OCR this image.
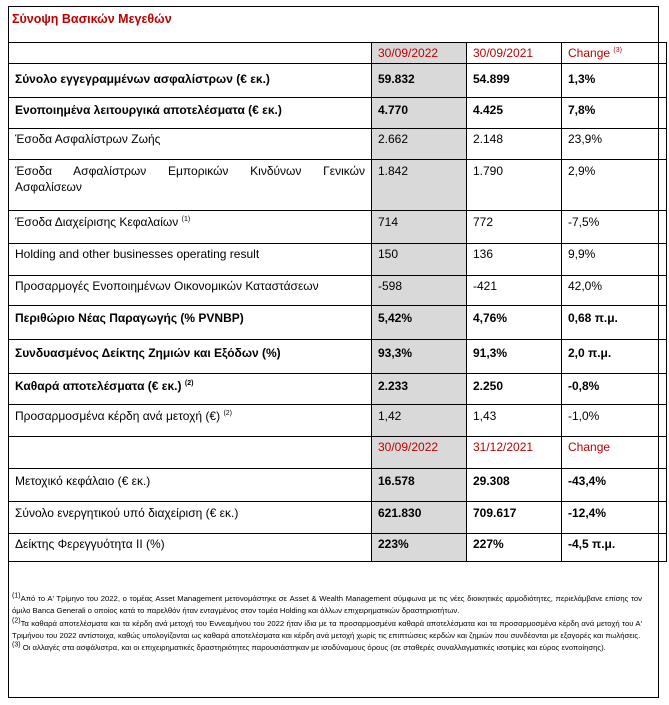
Σύνοψη Βασικών Μεγεθών
	30/09/2022	30/09/2021	Change $^{(3)}$
Σύνολο εγγεγραμμένων ασφαλίστρων (€ εκ.)	59.832	54.899	1,3%
Ενοποιημένα λειτουργικά αποτελέσματα (€ εκ.)	4.770	4.425	7,8%
Έσοδα Ασφαλίστρων Ζωής	2.662	2.148	23,9%

Έσοδα Ασφαλίστρων Εμπορικών Κινδύνων Γενικών
Ασφαλίσεων	1.842	1.790	2,9%
Έσοδα Διαχείρισης Κεφαλαίων $^{(1)}$	714	772	-7,5%
Holding and other businesses operating result	150	136	9,9%
Προσαρμογές Ενοποιημένων Οικονομικών Καταστάσεων	-598	-421	42,0%
Περιθώριο Νέας Παραγωγής (% PVNBP)	5,42%	4,76%	0,68 π.μ.
Συνδυασμένος Δείκτης Ζημιών και Εξόδων (%)	93,3%	91,3%	2,0 π.μ.
Καθαρά αποτελέσματα (€ εκ.) $^{(2)}$	2.233	2.250	-0,8%
Προσαρμοσμένα κέρδη ανά μετοχή (€) $^{(2)}$	1,42	1,43	-1,0%
	30/09/2022	31/12/2021	Change
Μετοχικό κεφάλαιο (€ εκ.)	16.578	29.308	-43,4%
Σύνολο ενεργητικού υπό διαχείριση (€ εκ.)	621.830	709.617	-12,4%
Δείκτης Φερεγγυότητα II (%)	223%	227%	-4,5 π.μ.

$^{(1)}$Από το Α' Τρίμηνο του 2022, ο τομέας Asset Management μετονομάστηκε σε Asset & Wealth Management σύμφωνα με τις νέες διοικητικές αρμοδιότητες, περιελάμβανε επίσης τον όμιλο Banca Generali ο οποίος κατά το παρελθόν ήταν ενταγμένος στον τομέα Holding και άλλων επιχειρηματικών δραστηριοτήτων.

$^{(2)}$Τα καθαρά αποτελέσματα και τα κέρδη ανά μετοχή του Εννεαμήνου του 2022 ήταν ίδια με τα προσαρμοσμένα καθαρά αποτελέσματα και τα προσαρμοσμένα κέρδη ανά μετοχή του Α' Τριμήνου του 2022 αντίστοιχα, καθώς υπολογίζονται ως καθαρά αποτελέσματα και κέρδη ανά μετοχή χωρίς τις επιπτώσεις κερδών και ζημιών που συνδέονται με εξαγορές και πωλήσεις.

$^{(3)}$ Οι αλλαγές στα ασφάλιστρα, και οι επιχειρηματικές δραστηριότητες παρουσιάστηκαν με ισοδύναμους όρους (σε σταθερές συναλλαγματικές ισοτιμίες και εύρος ενοποίησης).
